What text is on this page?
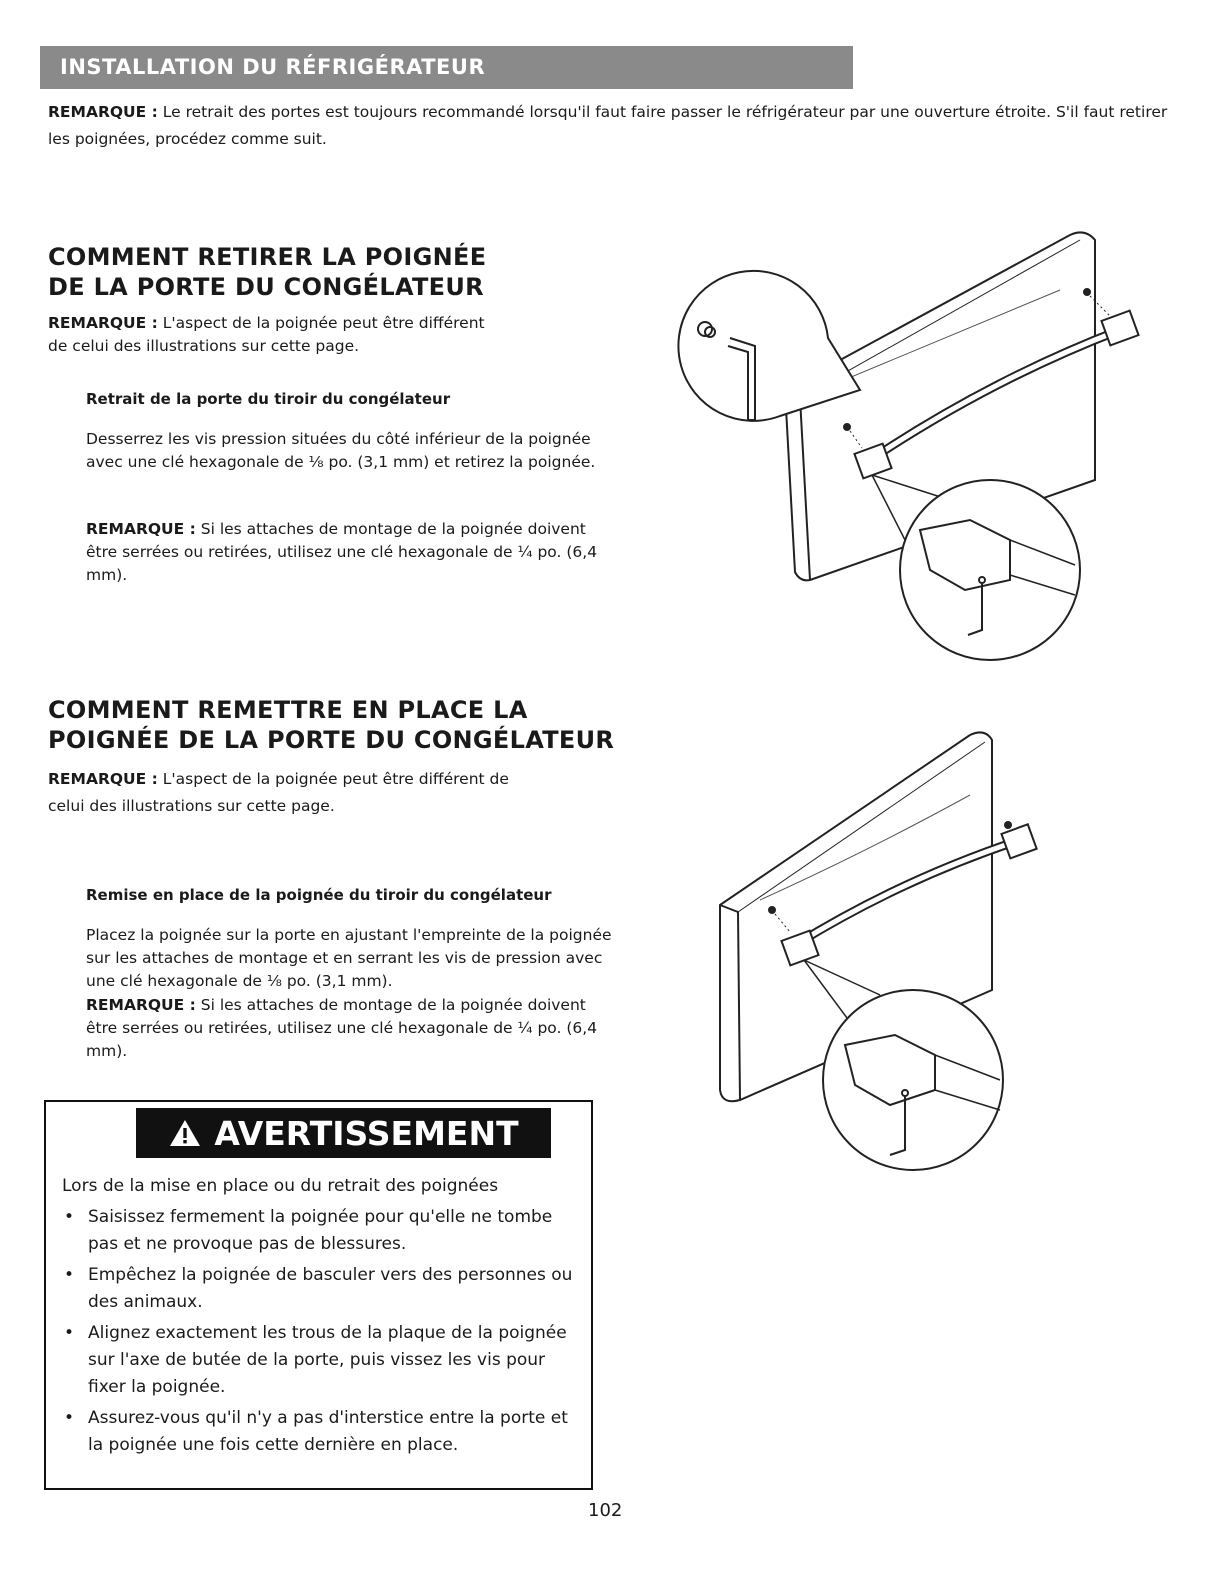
INSTALLATION DU RÉFRIGÉRATEUR

REMARQUE : Le retrait des portes est toujours recommandé lorsqu'il faut faire passer le réfrigérateur par une ouverture étroite. S'il faut retirer les poignées, procédez comme suit.

COMMENT RETIRER LA POIGNÉE
DE LA PORTE DU CONGÉLATEUR

REMARQUE : L'aspect de la poignée peut être différent

de celui des illustrations sur cette page.

Retrait de la porte du tiroir du congélateur

Desserrez les vis pression situées du côté inférieur de la poignée avec une clé hexagonale de ⅛ po. (3,1 mm) et retirez la poignée.

REMARQUE : Si les attaches de montage de la poignée doivent être serrées ou retirées, utilisez une clé hexagonale de ¼ po. (6,4 mm).

COMMENT REMETTRE EN PLACE LA
POIGNÉE DE LA PORTE DU CONGÉLATEUR

REMARQUE : L'aspect de la poignée peut être différent de

celui des illustrations sur cette page.

Remise en place de la poignée du tiroir du congélateur

Placez la poignée sur la porte en ajustant l'empreinte de la poignée sur les attaches de montage et en serrant les vis de pression avec une clé hexagonale de ⅛ po. (3,1 mm).

REMARQUE : Si les attaches de montage de la poignée doivent être serrées ou retirées, utilisez une clé hexagonale de ¼ po. (6,4 mm).

AVERTISSEMENT

Lors de la mise en place ou du retrait des poignées

• Saisissez fermement la poignée pour qu'elle ne tombe pas et ne provoque pas de blessures.
• Empêchez la poignée de basculer vers des personnes ou des animaux.
• Alignez exactement les trous de la plaque de la poignée sur l'axe de butée de la porte, puis vissez les vis pour fixer la poignée.
• Assurez-vous qu'il n'y a pas d'interstice entre la porte et la poignée une fois cette dernière en place.
102
